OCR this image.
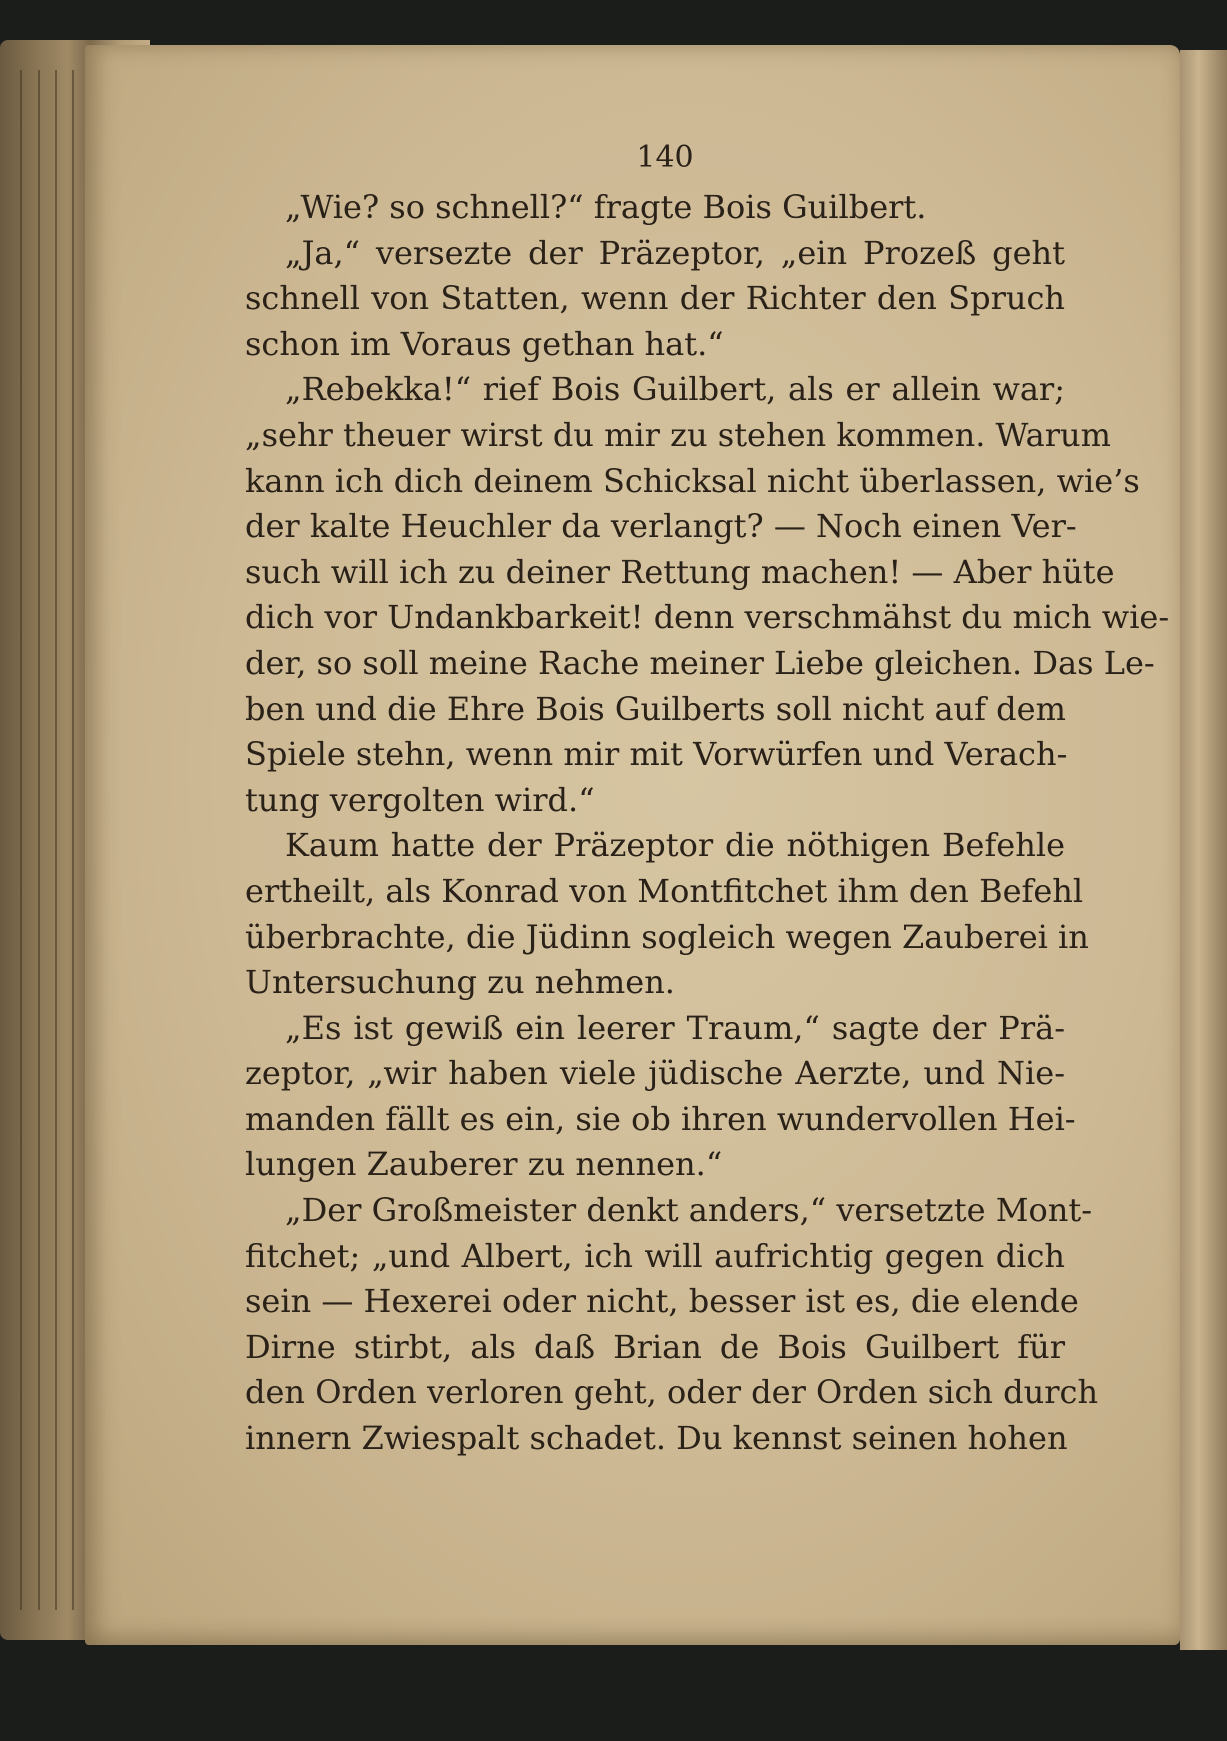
140
„Wie? so schnell?“ fragte Bois Guilbert.
„Ja,“ versezte der Präzeptor, „ein Prozeß geht
schnell von Statten, wenn der Richter den Spruch
schon im Voraus gethan hat.“
„Rebekka!“ rief Bois Guilbert, als er allein war;
„sehr theuer wirst du mir zu stehen kommen. Warum
kann ich dich deinem Schicksal nicht überlassen, wie’s
der kalte Heuchler da verlangt? — Noch einen Ver-
such will ich zu deiner Rettung machen! — Aber hüte
dich vor Undankbarkeit! denn verschmähst du mich wie-
der, so soll meine Rache meiner Liebe gleichen. Das Le-
ben und die Ehre Bois Guilberts soll nicht auf dem
Spiele stehn, wenn mir mit Vorwürfen und Verach-
tung vergolten wird.“
Kaum hatte der Präzeptor die nöthigen Befehle
ertheilt, als Konrad von Montfitchet ihm den Befehl
überbrachte, die Jüdinn sogleich wegen Zauberei in
Untersuchung zu nehmen.
„Es ist gewiß ein leerer Traum,“ sagte der Prä-
zeptor, „wir haben viele jüdische Aerzte, und Nie-
manden fällt es ein, sie ob ihren wundervollen Hei-
lungen Zauberer zu nennen.“
„Der Großmeister denkt anders,“ versetzte Mont-
fitchet; „und Albert, ich will aufrichtig gegen dich
sein — Hexerei oder nicht, besser ist es, die elende
Dirne stirbt, als daß Brian de Bois Guilbert für
den Orden verloren geht, oder der Orden sich durch
innern Zwiespalt schadet. Du kennst seinen hohen
